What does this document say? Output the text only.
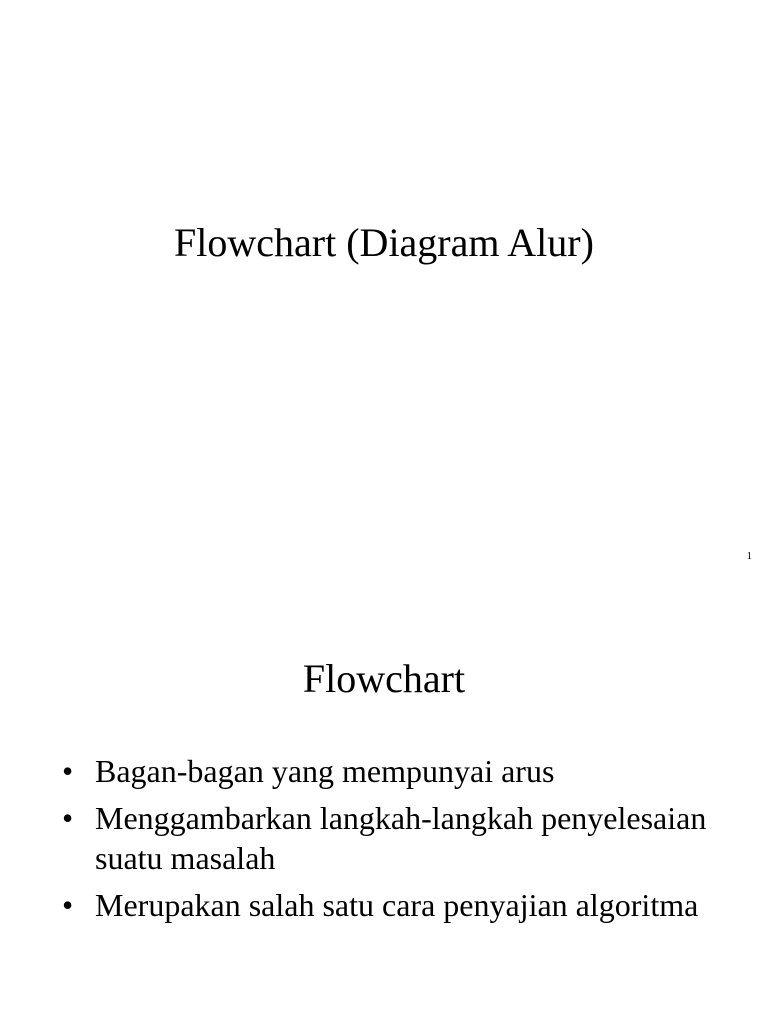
Flowchart (Diagram Alur)
1
Flowchart
• Bagan-bagan yang mempunyai arus
• Menggambarkan langkah-langkah penyelesaian suatu masalah
• Merupakan salah satu cara penyajian algoritma
